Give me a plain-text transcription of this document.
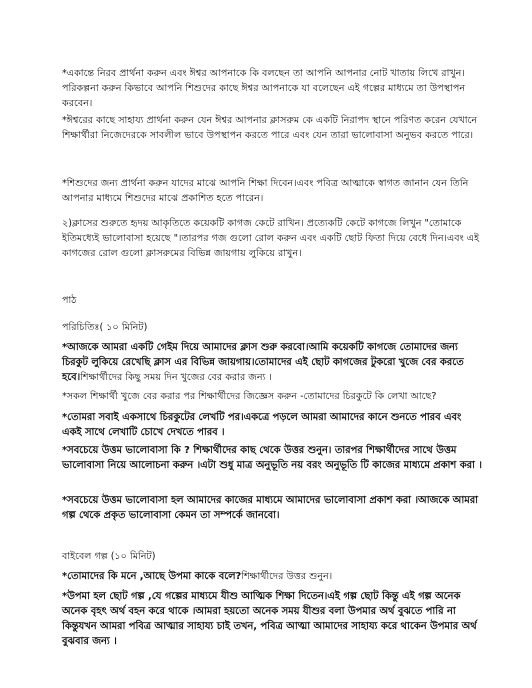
*একান্তে নিরব প্রার্থনা করুন এবং ঈশ্বর আপনাকে কি বলছেন তা আপনি আপনার নোট খাতায় লিখে রাখুন।পরিকল্পনা করুন কিভাবে আপনি শিশুদের কাছে ঈশ্বর আপনাকে যা বলেছেন এই গল্পের মাধ্যমে তা উপস্থাপন করবেন।

*ঈশ্বরের কাছে সাহায্য প্রার্থনা করুন যেন ঈশ্বর আপনার ক্লাসরুম কে একটি নিরাপদ স্থানে পরিণত করেন যেখানে শিক্ষার্থীরা নিজেদেরকে সাবলীল ভাবে উপস্থাপন করতে পারে এবং যেন তারা ভালোবাসা অনুভব করতে পারে।

*শিশুদের জন্য প্রার্থনা করুন যাদের মাঝে আপনি শিক্ষা দিবেন।এবং পবিত্র আত্মাকে স্বাগত জানান যেন তিনি আপনার মাধ্যমে শিশুদের মাঝে প্রকাশিত হতে পারেন।

২)ক্লাসের শুরুতে হৃদয় আকৃতিতে কয়েকটি কাগজ কেটে রাখিন। প্রত্যেকটি কেটে কাগজে লিখুন "তোমাকে ইতিমধ্যেই ভালোবাসা হয়েছে "।তারপর গজ গুলো রোল করুন এবং একটি ছোট ফিতা দিয়ে বেধে দিন।এবং এই কাগজের রোল গুলো ক্লাসরুমের বিভিন্ন জায়গায় লুকিয়ে রাখুন।

পাঠ

পরিচিতিঃ( ১০ মিনিট)

*আজকে আমরা একটি গেইম দিয়ে আমাদের ক্লাস শুরু করবো।আমি কয়েকটি কাগজে তোমাদের জন্য চিরকুট লুকিয়ে রেখেছি ক্লাস এর বিভিন্ন জায়গায়।তোমাদের এই ছোট কাগজের টুকরো খুজে বের করতে হবে।শিক্ষার্থীদের কিছু সময় দিন খুজের বের করার জন্য ।

*সকল শিক্ষার্থী খুজে বের করার পর শিক্ষার্থীদের জিজ্ঞেস করুন -তোমাদের চিরকুটে কি লেখা আছে?

*তোমরা সবাই একসাথে চিরকুটের লেখটি পর।একত্রে পড়লে আমরা আমাদের কানে শুনতে পারব এবং একই সাথে লেখাটি চোখে দেখতে পারব ।

*সবচেয়ে উত্তম ভালোবাসা কি ? শিক্ষার্থীদের কাছ থেকে উত্তর শুনুন। তারপর শিক্ষার্থীদের সাথে উত্তম ভালোবাসা নিয়ে আলোচনা করুন ।এটা শুধু মাত্র অনুভূতি নয় বরং অনুভূতি টি কাজের মাধ্যমে প্রকাশ করা ।

*সবচেয়ে উত্তম ভালোবাসা হল আমাদের কাজের মাধ্যমে আমাদের ভালোবাসা প্রকাশ করা ।আজকে আমরা গল্প থেকে প্রকৃত ভালোবাসা কেমন তা সম্পর্কে জানবো।

বাইবেল গল্প (১০ মিনিট)

*তোমাদের কি মনে ,আছে উপমা কাকে বলে?শিক্ষার্থীদের উত্তর শুনুন।

*উপমা হল ছোট গল্প ,যে গল্পের মাধ্যমে যীশু আত্মিক শিক্ষা দিতেন।এই গল্প ছোট কিন্তু এই গল্প অনেক অনেক বৃহৎ অর্থ বহন করে থাকে ।আমরা হয়তো অনেক সময় যীশুর বলা উপমার অর্থ বুঝতে পারি না কিন্তুযখন আমরা পবিত্র আত্মার সাহায্য চাই তখন, পবিত্র আত্মা আমাদের সাহায্য করে থাকেন উপমার অর্থ বুঝবার জন্য ।
